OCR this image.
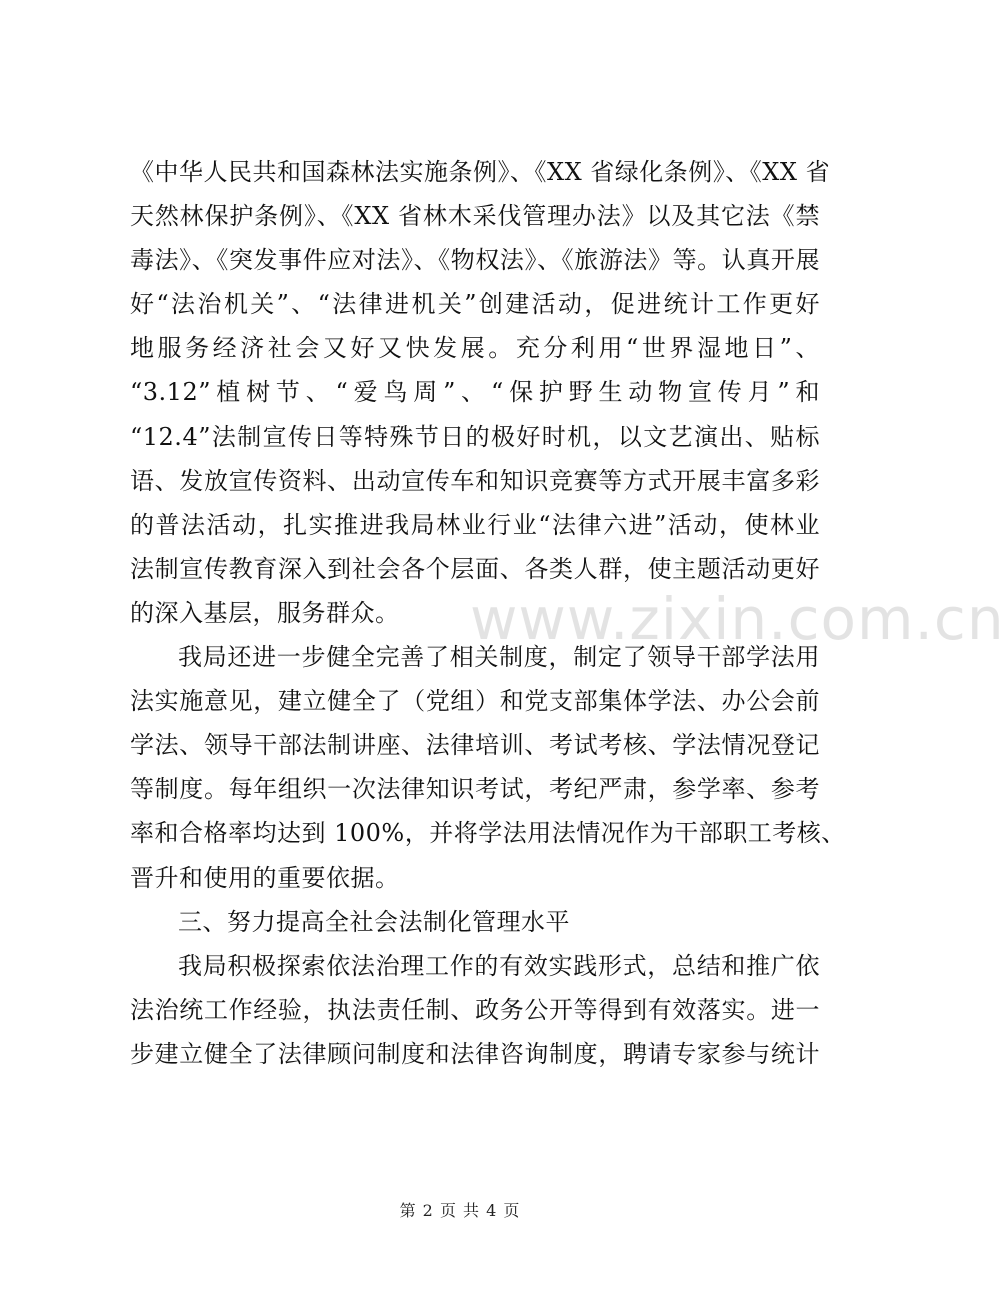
《中华人民共和国森林法实施条例》、《XX 省绿化条例》、《XX 省
天然林保护条例》、《XX 省林木采伐管理办法》以及其它法《禁
毒法》、《突发事件应对法》、《物权法》、《旅游法》等。认真开展
好“法治机关”、“法律进机关”创建活动，促进统计工作更好
地服务经济社会又好又快发展。充分利用“世界湿地日”、
“3.12”植树节、“爱鸟周”、“保护野生动物宣传月”和
“12.4”法制宣传日等特殊节日的极好时机，以文艺演出、贴标
语、发放宣传资料、出动宣传车和知识竞赛等方式开展丰富多彩
的普法活动，扎实推进我局林业行业“法律六进”活动，使林业
法制宣传教育深入到社会各个层面、各类人群，使主题活动更好
的深入基层，服务群众。
我局还进一步健全完善了相关制度，制定了领导干部学法用
法实施意见，建立健全了（党组）和党支部集体学法、办公会前
学法、领导干部法制讲座、法律培训、考试考核、学法情况登记
等制度。每年组织一次法律知识考试，考纪严肃，参学率、参考
率和合格率均达到 100%，并将学法用法情况作为干部职工考核、
晋升和使用的重要依据。
三、努力提高全社会法制化管理水平
我局积极探索依法治理工作的有效实践形式，总结和推广依
法治统工作经验，执法责任制、政务公开等得到有效落实。进一
步建立健全了法律顾问制度和法律咨询制度，聘请专家参与统计
www.zixin.com.cn
第 2 页 共 4 页
